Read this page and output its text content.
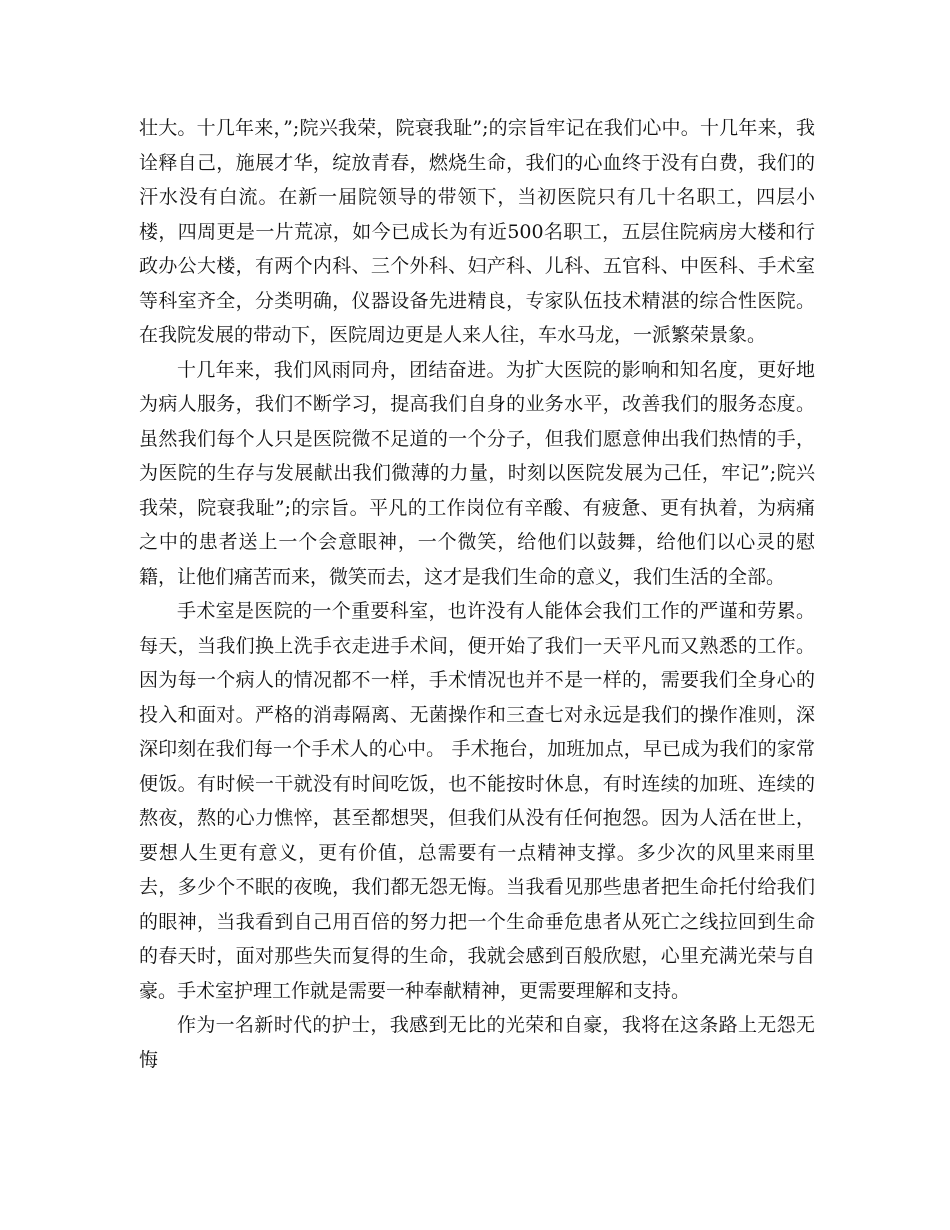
壮大。十几年来，”;院兴我荣，院衰我耻”;的宗旨牢记在我们心中。十几年来，我诠释自己，施展才华，绽放青春，燃烧生命，我们的心血终于没有白费，我们的汗水没有白流。在新一届院领导的带领下，当初医院只有几十名职工，四层小楼，四周更是一片荒凉，如今已成长为有近500名职工，五层住院病房大楼和行政办公大楼，有两个内科、三个外科、妇产科、儿科、五官科、中医科、手术室等科室齐全，分类明确，仪器设备先进精良，专家队伍技术精湛的综合性医院。在我院发展的带动下，医院周边更是人来人往，车水马龙，一派繁荣景象。

十几年来，我们风雨同舟，团结奋进。为扩大医院的影响和知名度，更好地为病人服务，我们不断学习，提高我们自身的业务水平，改善我们的服务态度。虽然我们每个人只是医院微不足道的一个分子，但我们愿意伸出我们热情的手，为医院的生存与发展献出我们微薄的力量，时刻以医院发展为己任，牢记”;院兴我荣，院衰我耻”;的宗旨。平凡的工作岗位有辛酸、有疲惫、更有执着，为病痛之中的患者送上一个会意眼神，一个微笑，给他们以鼓舞，给他们以心灵的慰籍，让他们痛苦而来，微笑而去，这才是我们生命的意义，我们生活的全部。

手术室是医院的一个重要科室，也许没有人能体会我们工作的严谨和劳累。每天，当我们换上洗手衣走进手术间，便开始了我们一天平凡而又熟悉的工作。因为每一个病人的情况都不一样，手术情况也并不是一样的，需要我们全身心的投入和面对。严格的消毒隔离、无菌操作和三查七对永远是我们的操作准则，深深印刻在我们每一个手术人的心中。 手术拖台，加班加点，早已成为我们的家常便饭。有时候一干就没有时间吃饭，也不能按时休息，有时连续的加班、连续的熬夜，熬的心力憔悴，甚至都想哭，但我们从没有任何抱怨。因为人活在世上，要想人生更有意义，更有价值，总需要有一点精神支撑。多少次的风里来雨里去，多少个不眠的夜晚，我们都无怨无悔。当我看见那些患者把生命托付给我们的眼神，当我看到自己用百倍的努力把一个生命垂危患者从死亡之线拉回到生命的春天时，面对那些失而复得的生命，我就会感到百般欣慰，心里充满光荣与自豪。手术室护理工作就是需要一种奉献精神，更需要理解和支持。

作为一名新时代的护士，我感到无比的光荣和自豪，我将在这条路上无怨无悔
